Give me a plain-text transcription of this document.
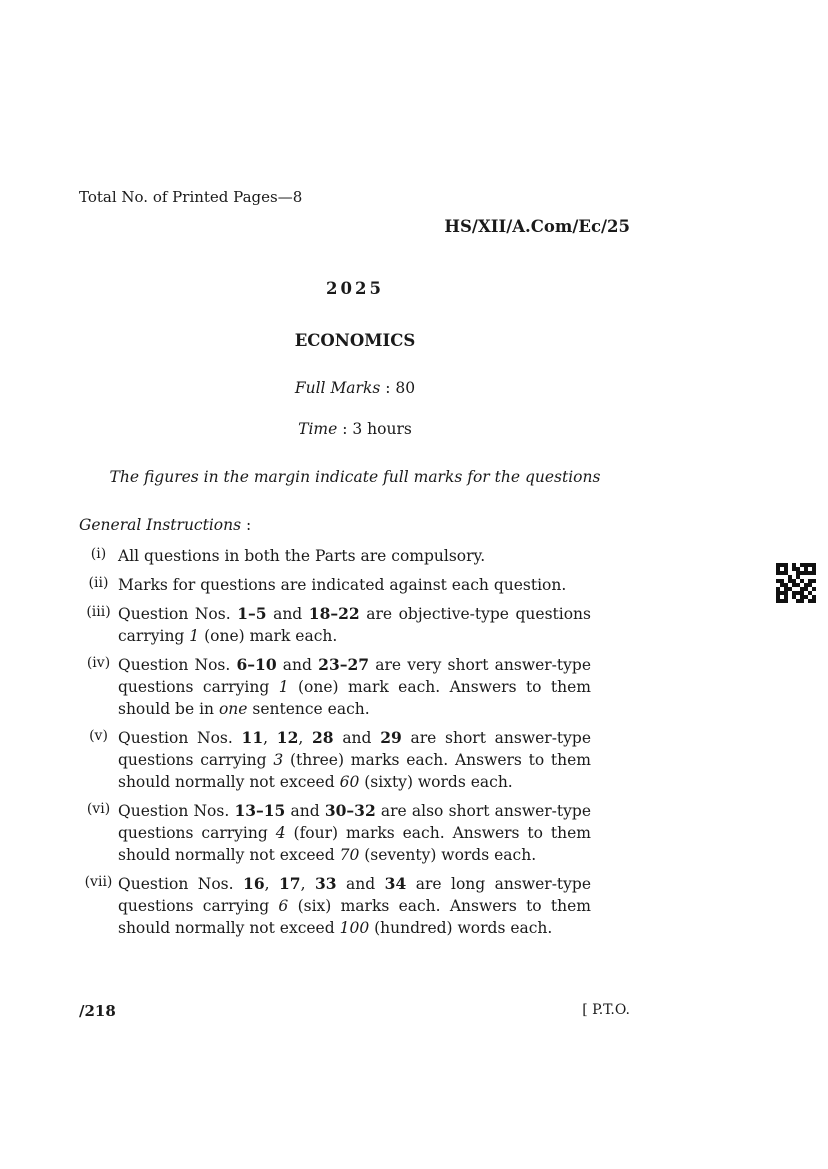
Total No. of Printed Pages—8
HS/XII/A.Com/Ec/25
2025
ECONOMICS
Full Marks : 80
Time : 3 hours
The figures in the margin indicate full marks for the questions
General Instructions :
(i) All questions in both the Parts are compulsory.
(ii) Marks for questions are indicated against each question.
(iii) Question Nos. 1–5 and 18–22 are objective-type questions carrying 1 (one) mark each.
(iv) Question Nos. 6–10 and 23–27 are very short answer-type questions carrying 1 (one) mark each. Answers to them should be in one sentence each.
(v) Question Nos. 11, 12, 28 and 29 are short answer-type questions carrying 3 (three) marks each. Answers to them should normally not exceed 60 (sixty) words each.
(vi) Question Nos. 13–15 and 30–32 are also short answer-type questions carrying 4 (four) marks each. Answers to them should normally not exceed 70 (seventy) words each.
(vii) Question Nos. 16, 17, 33 and 34 are long answer-type questions carrying 6 (six) marks each. Answers to them should normally not exceed 100 (hundred) words each.
/218	[ P.T.O.
